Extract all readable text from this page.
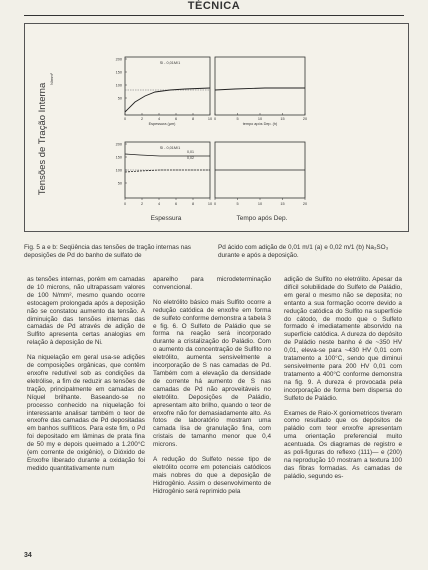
TÉCNICA
Tensões de Tração Interna
N/mm²
Sl - 0,01M/1
Espessura (µm)	tempo após Dep. (h)
Sl - 0,01M/1
0,01
0,02
200
150
100
50
200
150
100
50
0	2	4	6	8	10 0	5	10	15	20
0	2	4	6	8	10 0	5	10	15	20
Espessura	Tempo após Dep.
Fig. 5 a e b: Seqüência das tensões de tração internas nas deposições de Pd do banho de sulfato de
Pd ácido com adição de 0,01 m/1 (a) e 0,02 m/1 (b) Na₂SO₃ durante e após a deposição.

as tensões internas, porém em camadas de 10 microns, não ultrapassam valores de 100 N/mm², mesmo quando ocorre estocagem prolongada após a deposição não se constatou aumento da tensão. A diminuição das tensões internas das camadas de Pd através de adição de Sulfito apresenta certas analogias em relação à deposição de Ni.

Na niquelação em geral usa-se adições de composições orgânicas, que contêm enxofre redutível sob as condições da eletrólise, a fim de reduzir as tensões de tração, principalmente em camadas de Níquel brilhante. Baseando-se no processo conhecido na niquelação foi interessante analisar também o teor de enxofre das camadas de Pd depositadas em banhos sulfíticos. Para este fim, o Pd foi depositado em lâminas de prata fina de 50 my e depois queimado a 1.200°C (em corrente de oxigênio), o Dióxido de Enxofre liberado durante a oxidação foi medido quantitativamente num

aparelho para microdeterminação convencional.

No eletrólito básico mais Sulfito ocorre a redução catódica de enxofre em forma de sulfeto conforme demonstra a tabela 3 e fig. 6. O Sulfeto de Paládio que se forma na reação será incorporado durante a cristalização do Paládio. Com o aumento da concentração de Sulfito no eletrólito, aumenta sensivelmente a incorporação de S nas camadas de Pd. Também com a elevação da densidade de corrente há aumento de S nas camadas de Pd não aproveitáveis no eletrólito. Deposições de Paládio, apresentam alto brilho, quando o teor de enxofre não for demasiadamente alto. As fotos de laboratório mostram uma camada lisa de granulação fina, com cristais de tamanho menor que 0,4 microns.

A redução do Sulfeto nesse tipo de eletrólito ocorre em potenciais catódicos mais nobres do que a deposição de Hidrogênio. Assim o desenvolvimento de Hidrogênio será reprimido pela

adição de Sulfito no eletrólito. Apesar da difícil solubilidade do Sulfeto de Paládio, em geral o mesmo não se deposita; no entanto a sua formação ocorre devido a redução catódica do Sulfito na superfície do cátodo, de modo que o Sulfeto formado é imediatamente absorvido na superfície catódica. A dureza do depósito de Paládio neste banho é de ~350 HV 0,01, eleva-se para ~430 HV 0,01 com tratamento a 100°C, sendo que diminui sensivelmente para 200 HV 0,01 com tratamento a 400°C conforme demonstra na fig. 9. A dureza é provocada pela incorporação de forma bem dispersa do Sulfeto de Paládio.

Exames de Raio-X goniometricos tiveram como resultado que os depósitos de paládio com teor enxofre apresentam uma orientação preferencial muito acentuada. Os diagramas de registro e as poli-figuras do reflexo (111)— e (200) na reprodução 10 mostram a textura 100 das fibras formadas. As camadas de paládio, segundo es-

34
